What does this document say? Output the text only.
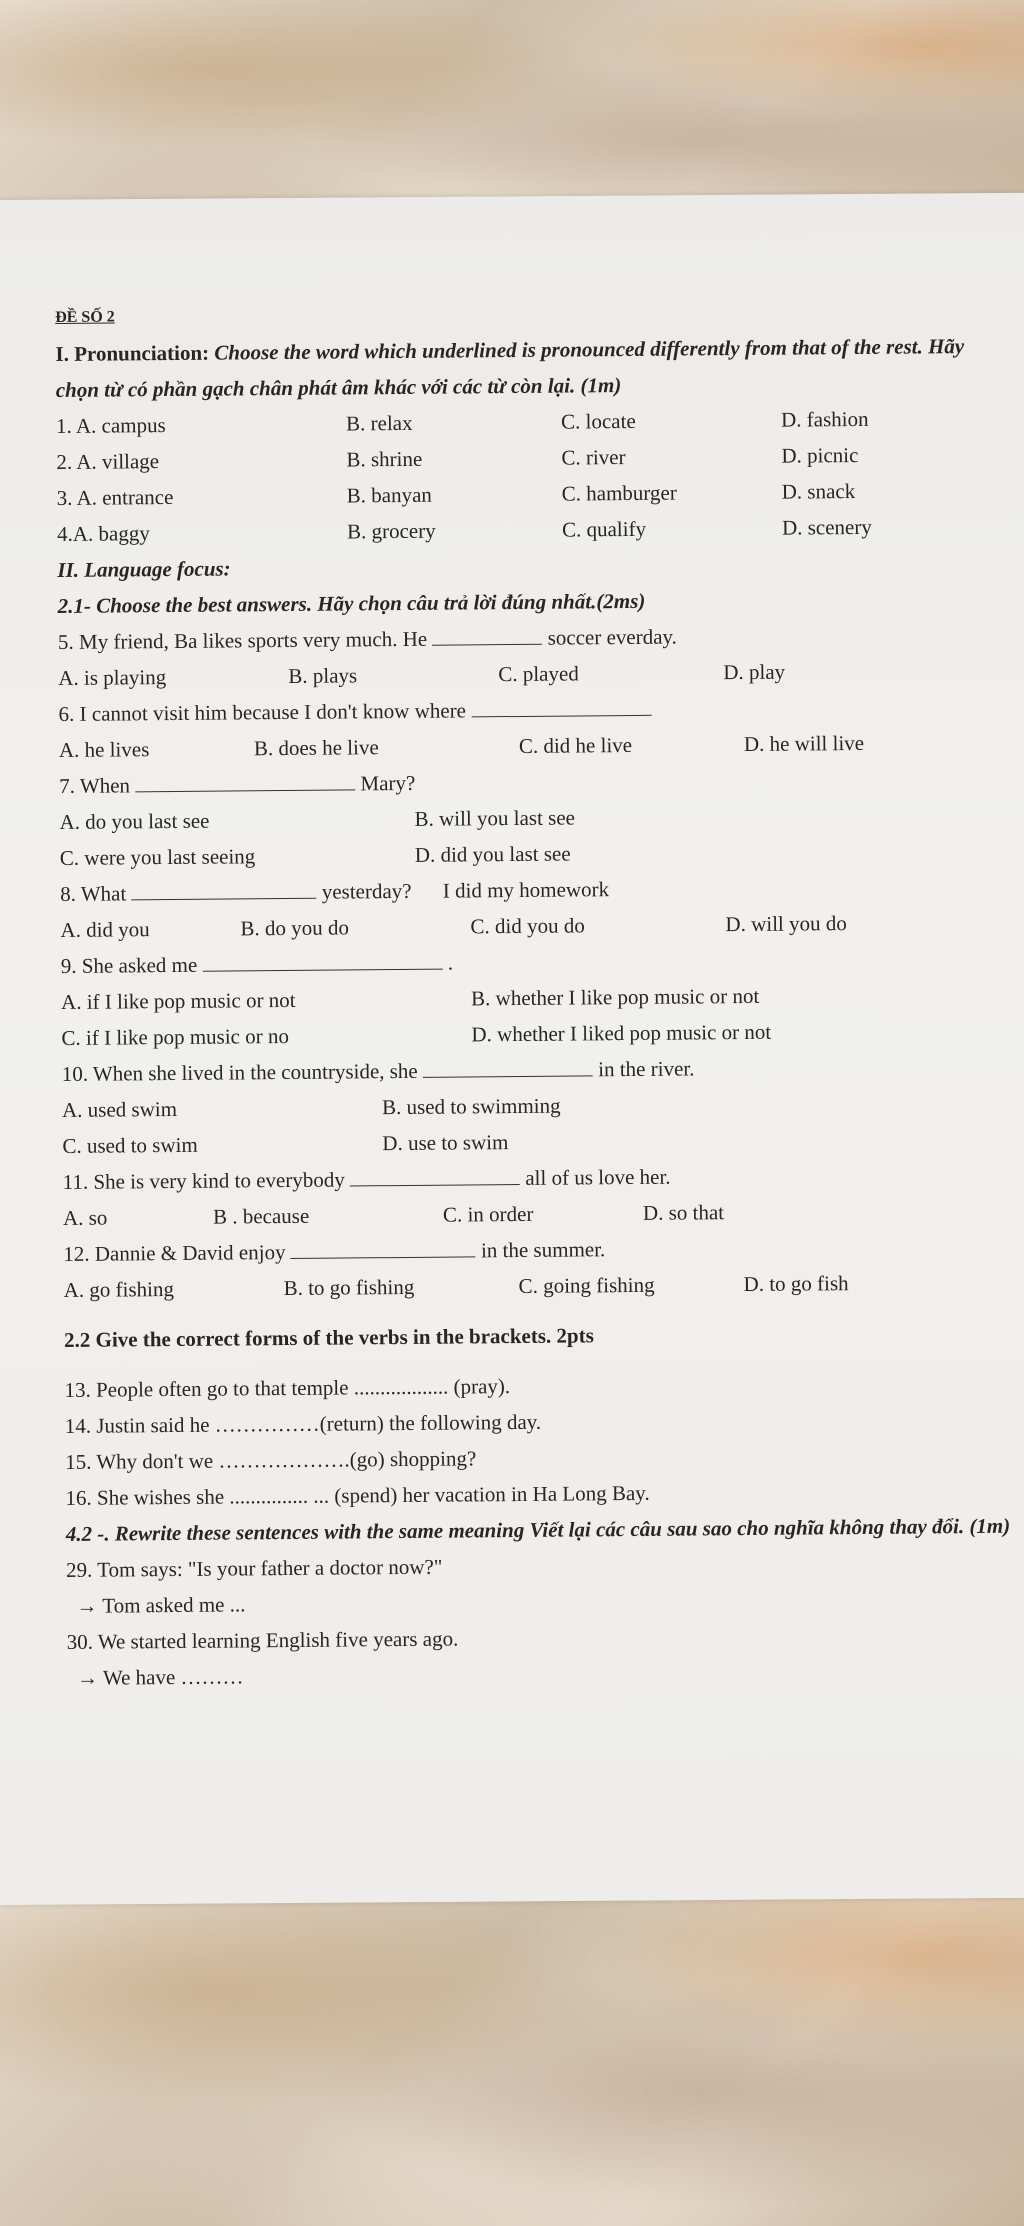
ĐỀ SỐ 2
I. Pronunciation: Choose the word which underlined is pronounced differently from that of the rest. Hãy chọn từ có phần gạch chân phát âm khác với các từ còn lại. (1m)
1. A. campus	B. relax	C. locate	D. fashion
2. A. village	B. shrine	C. river	D. picnic
3. A. entrance	B. banyan	C. hamburger	D. snack
4.A. baggy	B. grocery	C. qualify	D. scenery
II. Language focus:
2.1- Choose the best answers. Hãy chọn câu trả lời đúng nhất.(2ms)
5. My friend, Ba likes sports very much. He	soccer everday.
A. is playing	B. plays	C. played	D. play
6. I cannot visit him because I don't know where
A. he lives	B. does he live	C. did he live	D. he will live
7. When	Mary?
A. do you last see	B. will you last see
C. were you last seeing	D. did you last see
8. What	yesterday? I did my homework
A. did you	B. do you do	C. did you do	D. will you do
9. She asked me	.
A. if I like pop music or not	B. whether I like pop music or not
C. if I like pop music or no	D. whether I liked pop music or not
10. When she lived in the countryside, she	in the river.
A. used swim	B. used to swimming
C. used to swim	D. use to swim
11. She is very kind to everybody	all of us love her.
A. so	B . because	C. in order	D. so that
12. Dannie & David enjoy	in the summer.
A. go fishing	B. to go fishing	C. going fishing	D. to go fish
2.2 Give the correct forms of the verbs in the brackets. 2pts
13. People often go to that temple .................. (pray).
14. Justin said he ……………(return) the following day.
15. Why don't we ……………….(go) shopping?
16. She wishes she ............... ... (spend) her vacation in Ha Long Bay.
4.2 -. Rewrite these sentences with the same meaning Viết lại các câu sau sao cho nghĩa không thay đổi. (1m)
29. Tom says: "Is your father a doctor now?"
→ Tom asked me ...
30. We started learning English five years ago.
→ We have ………
